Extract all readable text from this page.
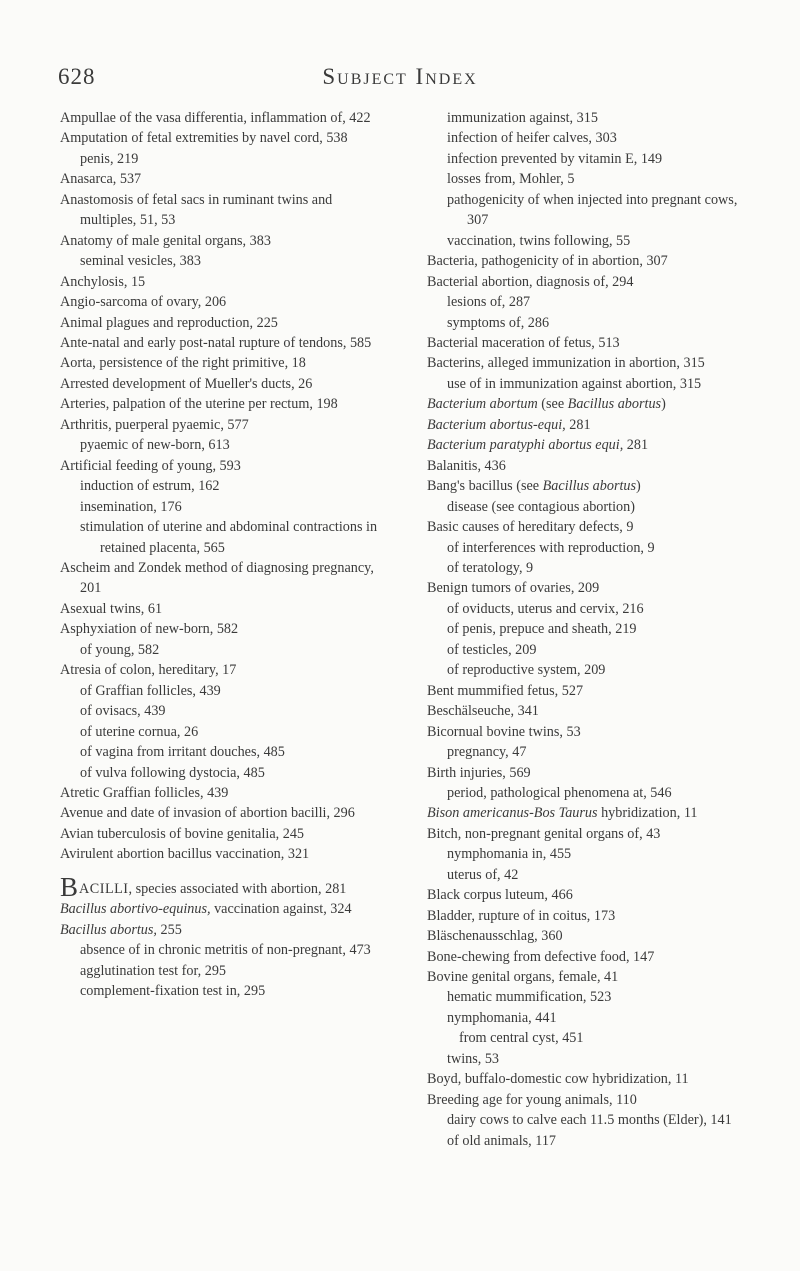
628	Subject Index
Ampullae of the vasa differentia, inflammation of, 422
Amputation of fetal extremities by navel cord, 538
penis, 219
Anasarca, 537
Anastomosis of fetal sacs in ruminant twins and multiples, 51, 53
Anatomy of male genital organs, 383
seminal vesicles, 383
Anchylosis, 15
Angio-sarcoma of ovary, 206
Animal plagues and reproduction, 225
Ante-natal and early post-natal rupture of tendons, 585
Aorta, persistence of the right primitive, 18
Arrested development of Mueller's ducts, 26
Arteries, palpation of the uterine per rectum, 198
Arthritis, puerperal pyaemic, 577
pyaemic of new-born, 613
Artificial feeding of young, 593
induction of estrum, 162
insemination, 176
stimulation of uterine and abdominal contractions in retained placenta, 565
Ascheim and Zondek method of diagnosing pregnancy, 201
Asexual twins, 61
Asphyxiation of new-born, 582
of young, 582
Atresia of colon, hereditary, 17
of Graffian follicles, 439
of ovisacs, 439
of uterine cornua, 26
of vagina from irritant douches, 485
of vulva following dystocia, 485
Atretic Graffian follicles, 439
Avenue and date of invasion of abortion bacilli, 296
Avian tuberculosis of bovine genitalia, 245
Avirulent abortion bacillus vaccination, 321
BACILLI, species associated with abortion, 281
Bacillus abortivo-equinus, vaccination against, 324
Bacillus abortus, 255
absence of in chronic metritis of non-pregnant, 473
agglutination test for, 295
complement-fixation test in, 295
immunization against, 315
infection of heifer calves, 303
infection prevented by vitamin E, 149
losses from, Mohler, 5
pathogenicity of when injected into pregnant cows, 307
vaccination, twins following, 55
Bacteria, pathogenicity of in abortion, 307
Bacterial abortion, diagnosis of, 294
lesions of, 287
symptoms of, 286
Bacterial maceration of fetus, 513
Bacterins, alleged immunization in abortion, 315
use of in immunization against abortion, 315
Bacterium abortum (see Bacillus abortus)
Bacterium abortus-equi, 281
Bacterium paratyphi abortus equi, 281
Balanitis, 436
Bang's bacillus (see Bacillus abortus)
disease (see contagious abortion)
Basic causes of hereditary defects, 9
of interferences with reproduction, 9
of teratology, 9
Benign tumors of ovaries, 209
of oviducts, uterus and cervix, 216
of penis, prepuce and sheath, 219
of testicles, 209
of reproductive system, 209
Bent mummified fetus, 527
Beschälseuche, 341
Bicornual bovine twins, 53
pregnancy, 47
Birth injuries, 569
period, pathological phenomena at, 546
Bison americanus-Bos Taurus hybridization, 11
Bitch, non-pregnant genital organs of, 43
nymphomania in, 455
uterus of, 42
Black corpus luteum, 466
Bladder, rupture of in coitus, 173
Bläschenausschlag, 360
Bone-chewing from defective food, 147
Bovine genital organs, female, 41
hematic mummification, 523
nymphomania, 441
from central cyst, 451
twins, 53
Boyd, buffalo-domestic cow hybridization, 11
Breeding age for young animals, 110
dairy cows to calve each 11.5 months (Elder), 141
of old animals, 117
